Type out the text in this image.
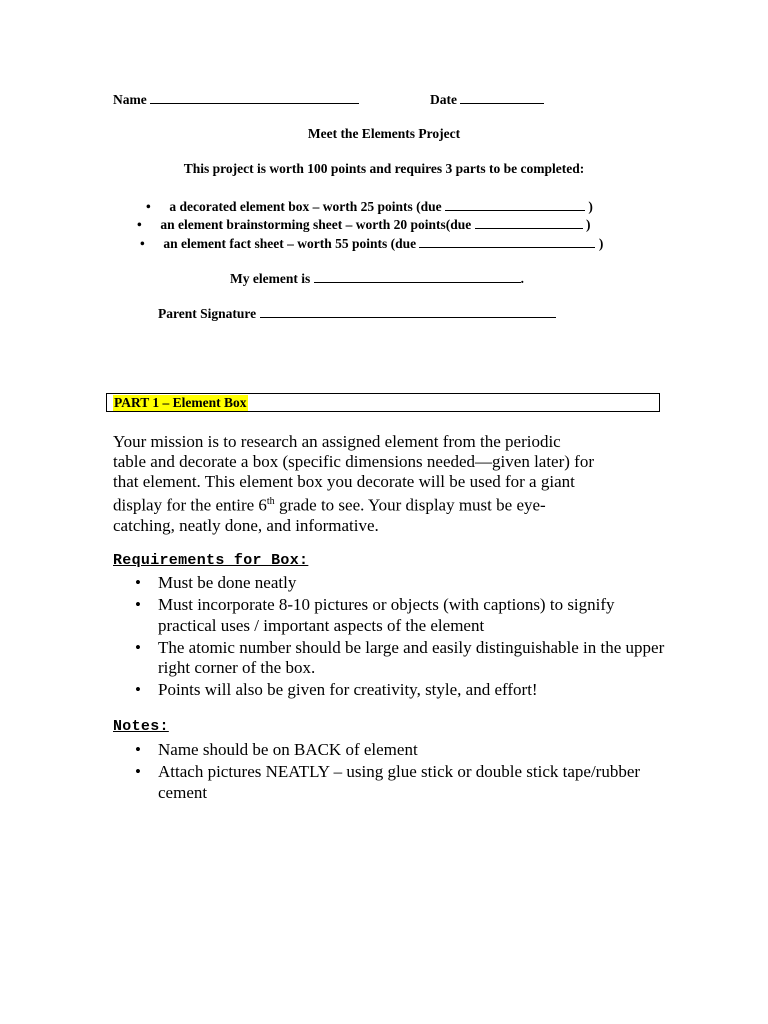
Name	Date
Meet the Elements Project
This project is worth 100 points and requires 3 parts to be completed:
• a decorated element box – worth 25 points (due	)
• an element brainstorming sheet – worth 20 points(due	)
• an element fact sheet – worth 55 points (due	)
My element is	.
Parent Signature
PART 1 – Element Box
Your mission is to research an assigned element from the periodic
table and decorate a box (specific dimensions needed—given later) for
that element. This element box you decorate will be used for a giant
display for the entire 6th grade to see. Your display must be eye-
catching, neatly done, and informative.
Requirements for Box:
• Must be done neatly
• Must incorporate 8-10 pictures or objects (with captions) to signify practical uses / important aspects of the element
• The atomic number should be large and easily distinguishable in the upper right corner of the box.
• Points will also be given for creativity, style, and effort!
Notes:
• Name should be on BACK of element
• Attach pictures NEATLY – using glue stick or double stick tape/rubber cement
